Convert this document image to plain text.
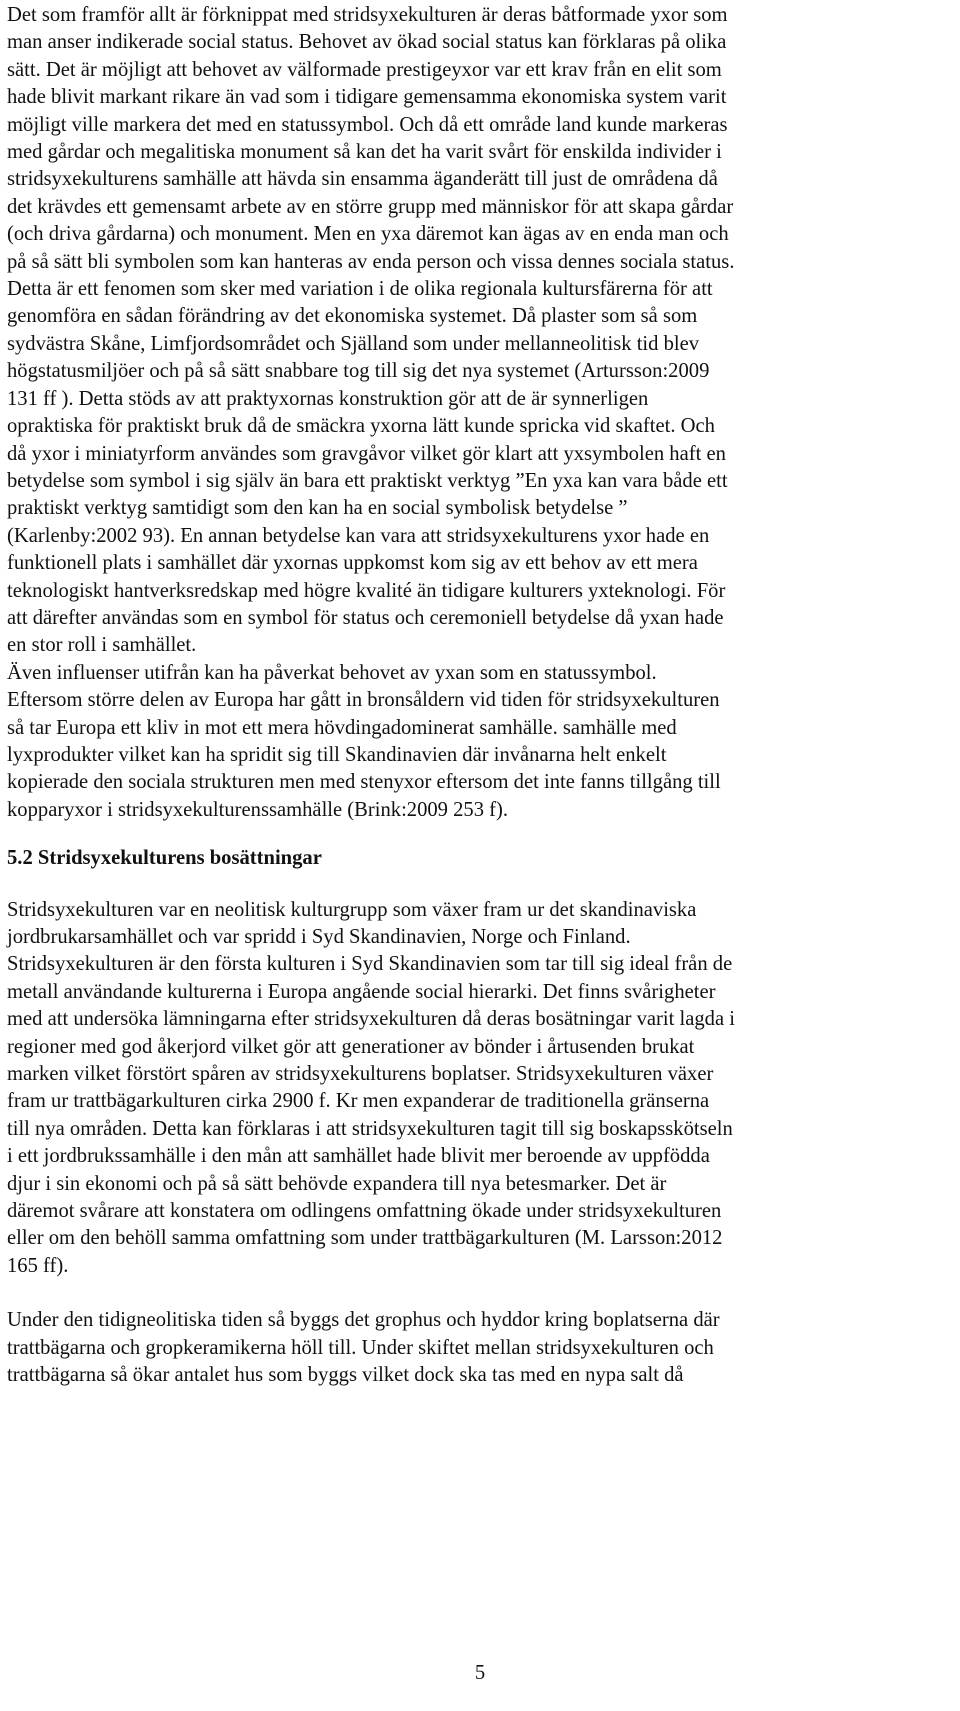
Det som framför allt är förknippat med stridsyxekulturen är deras båtformade yxor som
man anser indikerade social status. Behovet av ökad social status kan förklaras på olika
sätt. Det är möjligt att behovet av välformade prestigeyxor var ett krav från en elit som
hade blivit markant rikare än vad som i tidigare gemensamma ekonomiska system varit
möjligt ville markera det med en statussymbol. Och då ett område land kunde markeras
med gårdar och megalitiska monument så kan det ha varit svårt för enskilda individer i
stridsyxekulturens samhälle att hävda sin ensamma äganderätt till just de områdena då
det krävdes ett gemensamt arbete av en större grupp med människor för att skapa gårdar
(och driva gårdarna) och monument. Men en yxa däremot kan ägas av en enda man och
på så sätt bli symbolen som kan hanteras av enda person och vissa dennes sociala status.
Detta är ett fenomen som sker med variation i de olika regionala kultursfärerna för att
genomföra en sådan förändring av det ekonomiska systemet. Då plaster som så som
sydvästra Skåne, Limfjordsområdet och Själland som under mellanneolitisk tid blev
högstatusmiljöer och på så sätt snabbare tog till sig det nya systemet (Artursson:2009
131 ff ). Detta stöds av att praktyxornas konstruktion gör att de är synnerligen
opraktiska för praktiskt bruk då de smäckra yxorna lätt kunde spricka vid skaftet. Och
då yxor i miniatyrform användes som gravgåvor vilket gör klart att yxsymbolen haft en
betydelse som symbol i sig själv än bara ett praktiskt verktyg ”En yxa kan vara både ett
praktiskt verktyg samtidigt som den kan ha en social symbolisk betydelse ”
(Karlenby:2002 93). En annan betydelse kan vara att stridsyxekulturens yxor hade en
funktionell plats i samhället där yxornas uppkomst kom sig av ett behov av ett mera
teknologiskt hantverksredskap med högre kvalité än tidigare kulturers yxteknologi. För
att därefter användas som en symbol för status och ceremoniell betydelse då yxan hade
en stor roll i samhället.
Även influenser utifrån kan ha påverkat behovet av yxan som en statussymbol.
Eftersom större delen av Europa har gått in bronsåldern vid tiden för stridsyxekulturen
så tar Europa ett kliv in mot ett mera hövdingadominerat samhälle. samhälle med
lyxprodukter vilket kan ha spridit sig till Skandinavien där invånarna helt enkelt
kopierade den sociala strukturen men med stenyxor eftersom det inte fanns tillgång till
kopparyxor i stridsyxekulturenssamhälle (Brink:2009 253 f).

5.2 Stridsyxekulturens bosättningar

Stridsyxekulturen var en neolitisk kulturgrupp som växer fram ur det skandinaviska
jordbrukarsamhället och var spridd i Syd Skandinavien, Norge och Finland.
Stridsyxekulturen är den första kulturen i Syd Skandinavien som tar till sig ideal från de
metall användande kulturerna i Europa angående social hierarki. Det finns svårigheter
med att undersöka lämningarna efter stridsyxekulturen då deras bosätningar varit lagda i
regioner med god åkerjord vilket gör att generationer av bönder i årtusenden brukat
marken vilket förstört spåren av stridsyxekulturens boplatser. Stridsyxekulturen växer
fram ur trattbägarkulturen cirka 2900 f. Kr men expanderar de traditionella gränserna
till nya områden. Detta kan förklaras i att stridsyxekulturen tagit till sig boskapsskötseln
i ett jordbrukssamhälle i den mån att samhället hade blivit mer beroende av uppfödda
djur i sin ekonomi och på så sätt behövde expandera till nya betesmarker. Det är
däremot svårare att konstatera om odlingens omfattning ökade under stridsyxekulturen
eller om den behöll samma omfattning som under trattbägarkulturen (M. Larsson:2012
165 ff).

Under den tidigneolitiska tiden så byggs det grophus och hyddor kring boplatserna där
trattbägarna och gropkeramikerna höll till. Under skiftet mellan stridsyxekulturen och
trattbägarna så ökar antalet hus som byggs vilket dock ska tas med en nypa salt då

5
